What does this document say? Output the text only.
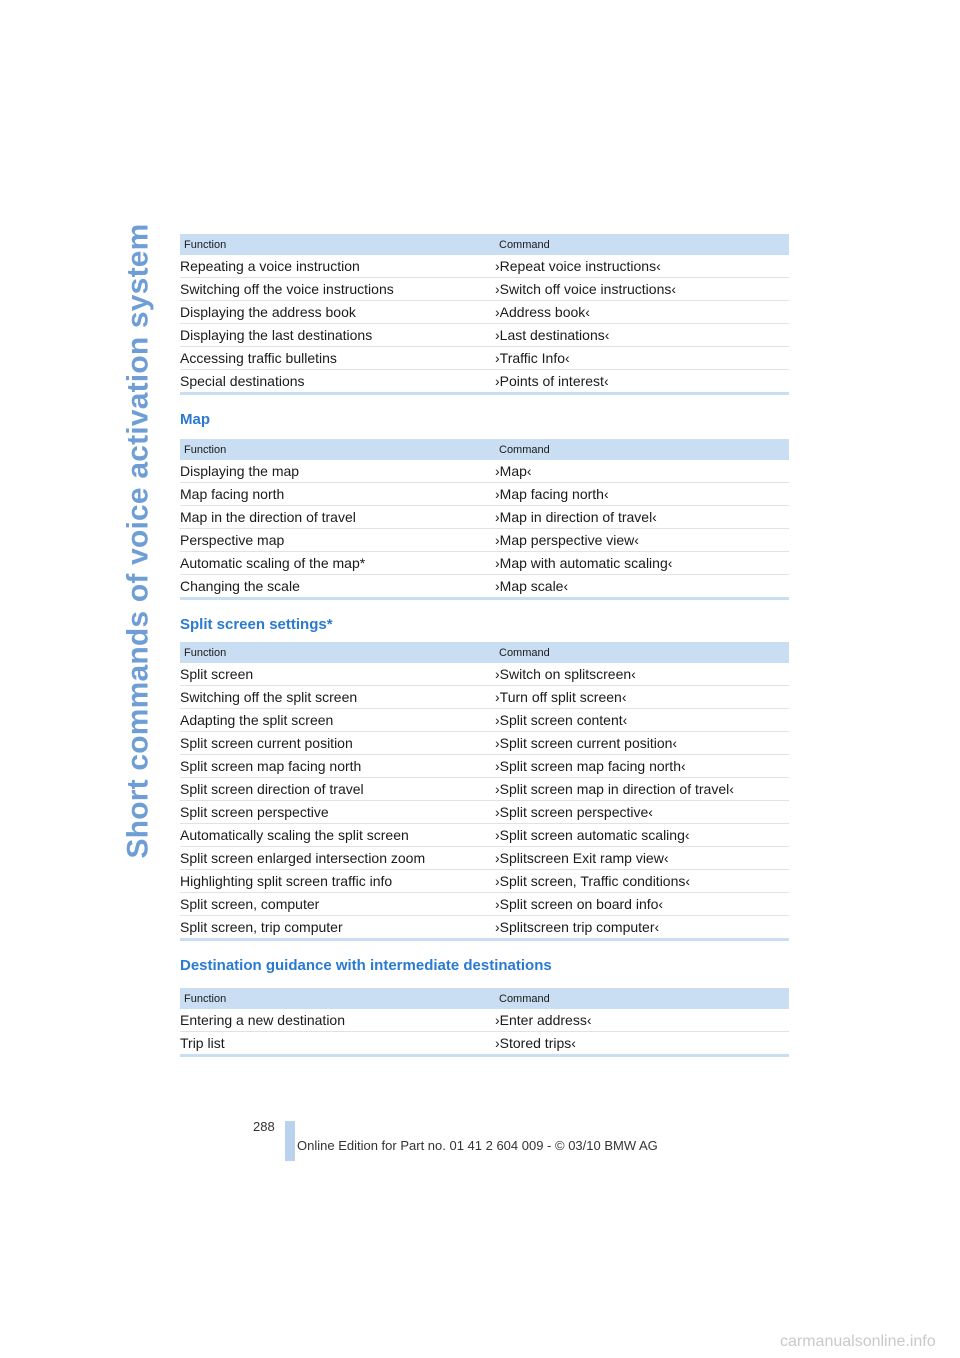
Short commands of voice activation system	Function	Command
Repeating a voice instruction	›Repeat voice instructions‹
Switching off the voice instructions	›Switch off voice instructions‹
Displaying the address book	›Address book‹
Displaying the last destinations	›Last destinations‹
Accessing traffic bulletins	›Traffic Info‹
Special destinations	›Points of interest‹
Map
Function	Command
Displaying the map	›Map‹
Map facing north	›Map facing north‹
Map in the direction of travel	›Map in direction of travel‹
Perspective map	›Map perspective view‹
Automatic scaling of the map*	›Map with automatic scaling‹
Changing the scale	›Map scale‹
Split screen settings*
Function	Command
Split screen	›Switch on splitscreen‹
Switching off the split screen	›Turn off split screen‹
Adapting the split screen	›Split screen content‹
Split screen current position	›Split screen current position‹
Split screen map facing north	›Split screen map facing north‹
Split screen direction of travel	›Split screen map in direction of travel‹
Split screen perspective	›Split screen perspective‹
Automatically scaling the split screen	›Split screen automatic scaling‹
Split screen enlarged intersection zoom	›Splitscreen Exit ramp view‹
Highlighting split screen traffic info	›Split screen, Traffic conditions‹
Split screen, computer	›Split screen on board info‹
Split screen, trip computer	›Splitscreen trip computer‹
Destination guidance with intermediate destinations
Function	Command
Entering a new destination	›Enter address‹
Trip list	›Stored trips‹
288
Online Edition for Part no. 01 41 2 604 009 - © 03/10 BMW AG
carmanualsonline.info
